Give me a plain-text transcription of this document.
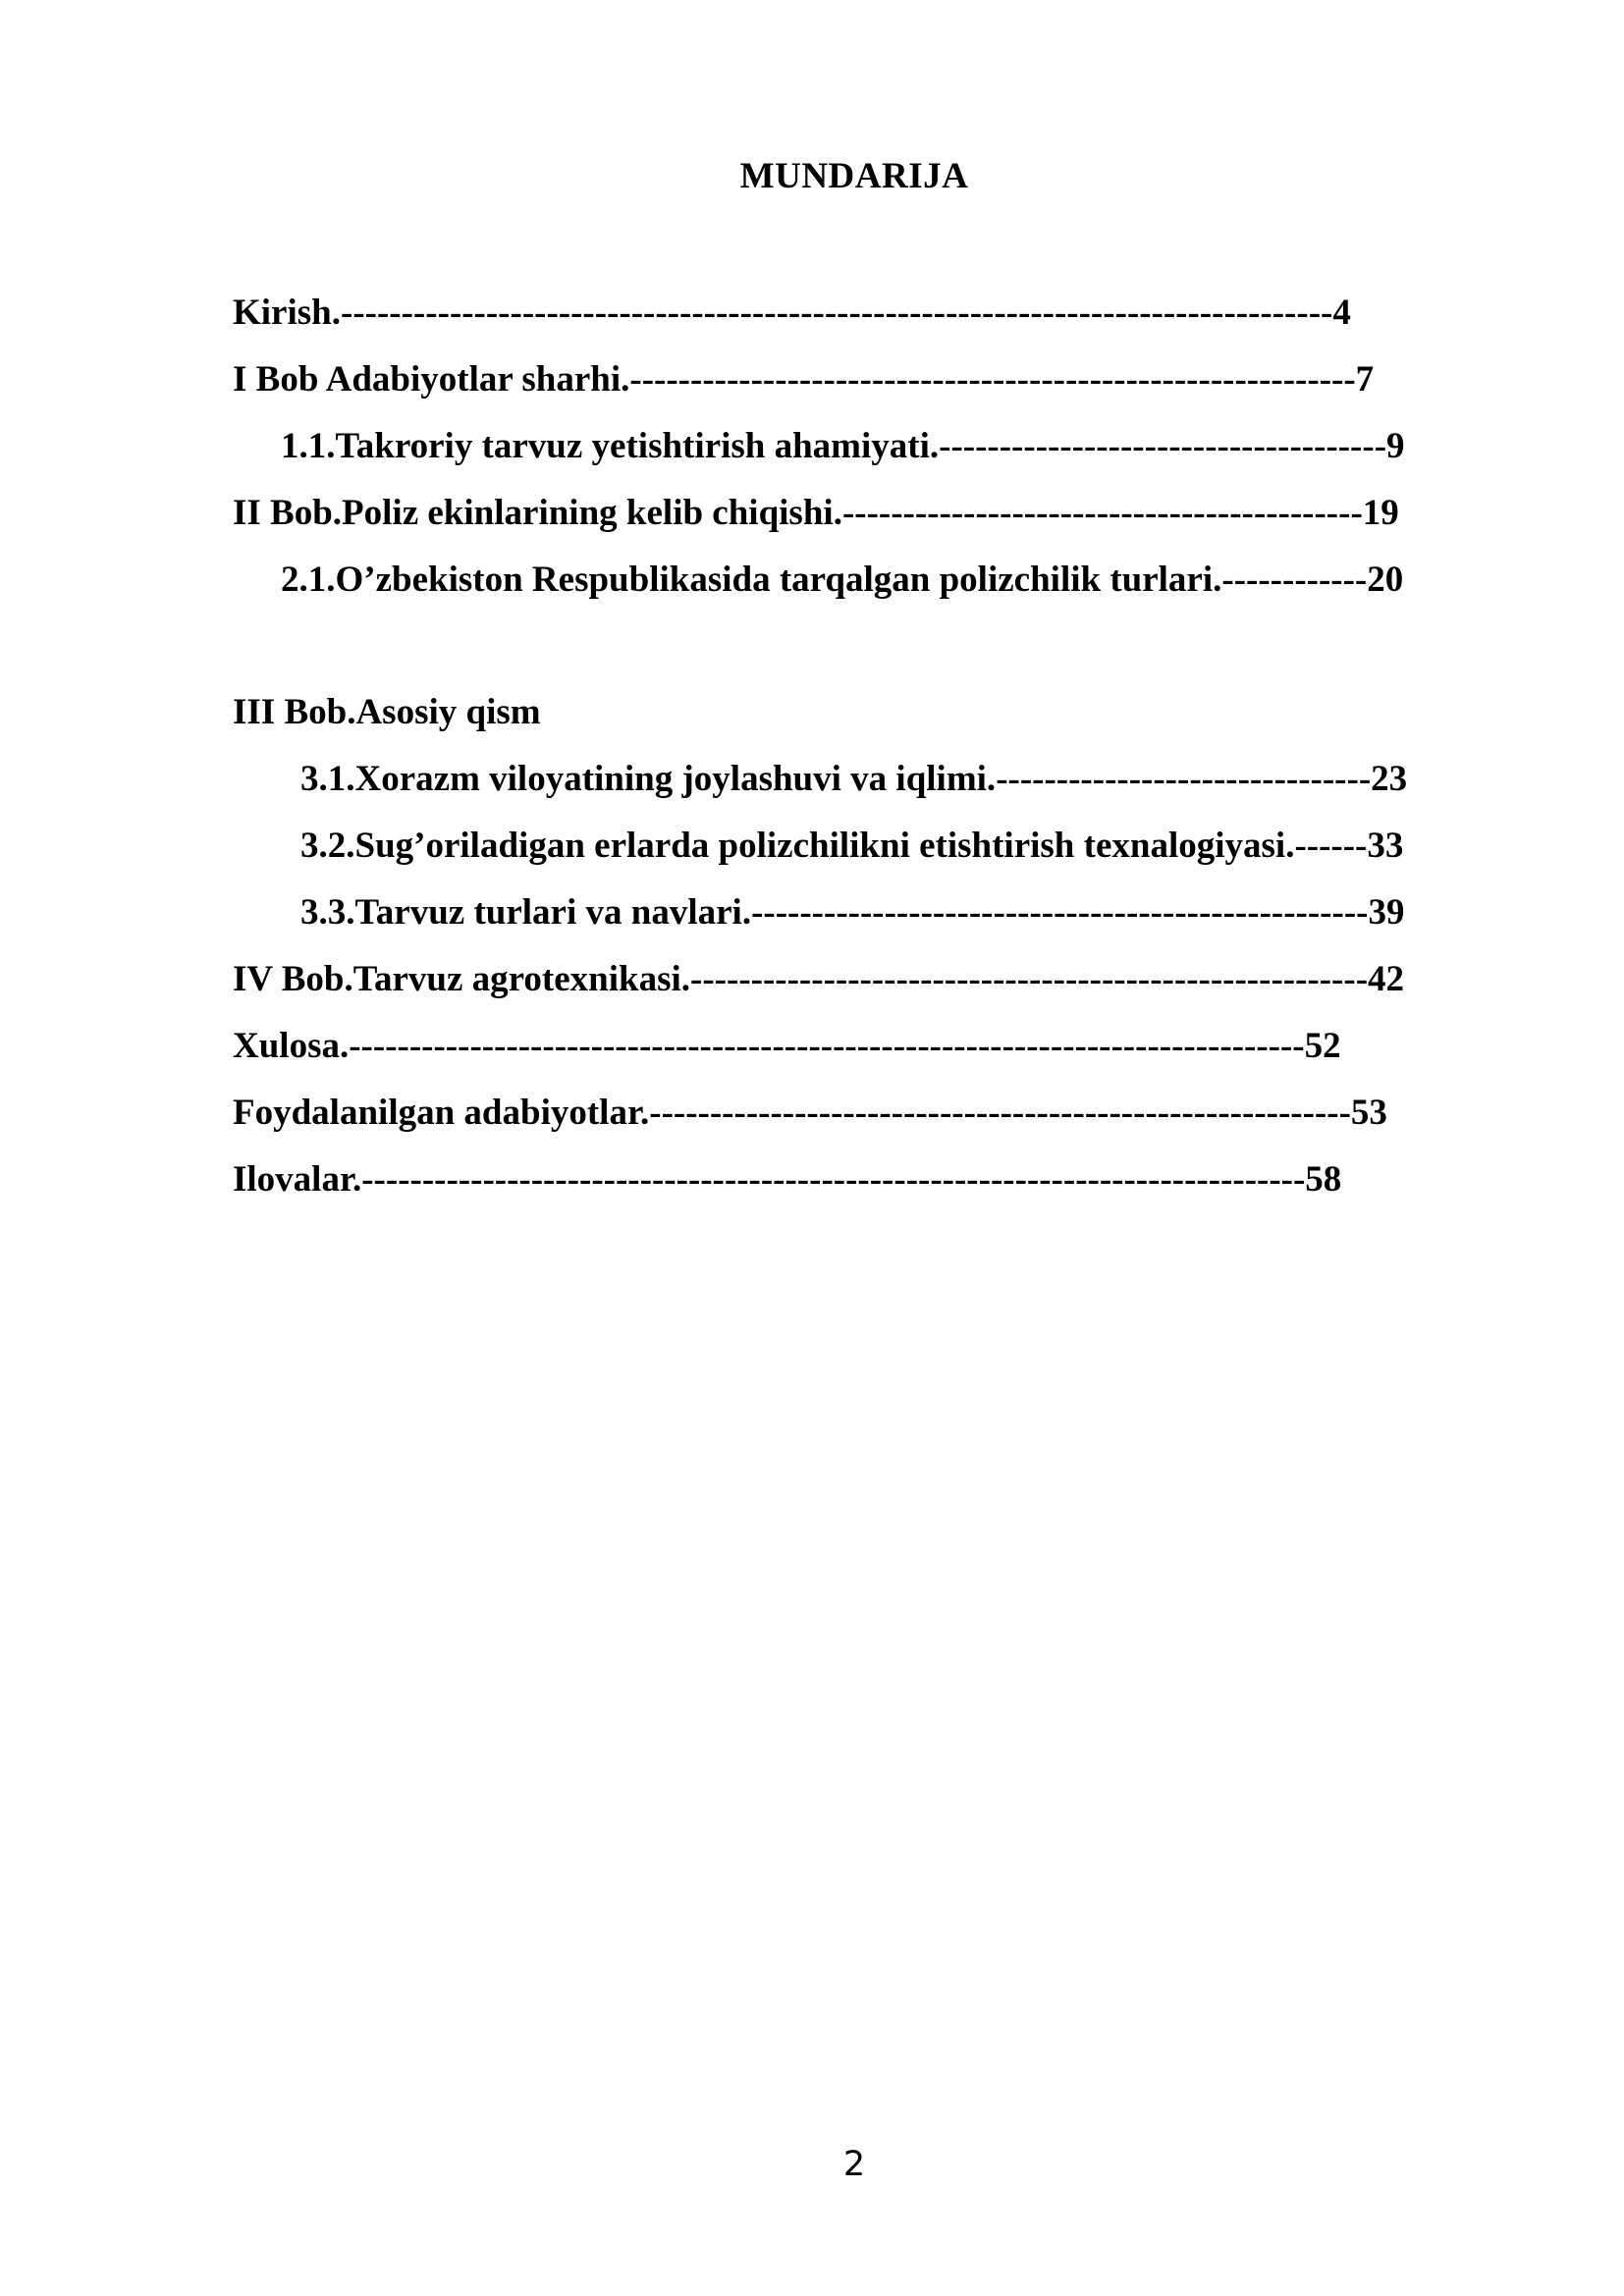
MUNDARIJA
Kirish.----------------------------------------------------------------------------------4
I Bob Adabiyotlar sharhi.------------------------------------------------------------7
1.1.Takroriy tarvuz yetishtirish ahamiyati.-------------------------------------9
II Bob.Poliz ekinlarining kelib chiqishi.-------------------------------------------19
2.1.O’zbekiston Respublikasida tarqalgan polizchilik turlari.------------20
III Bob.Asosiy qism
3.1.Xorazm viloyatining joylashuvi va iqlimi.-------------------------------23
3.2.Sug’oriladigan erlarda polizchilikni etishtirish texnalogiyasi.------33
3.3.Tarvuz turlari va navlari.---------------------------------------------------39
IV Bob.Tarvuz agrotexnikasi.--------------------------------------------------------42
Xulosa.-------------------------------------------------------------------------------52
Foydalanilgan adabiyotlar.----------------------------------------------------------53
Ilovalar.------------------------------------------------------------------------------58
2
